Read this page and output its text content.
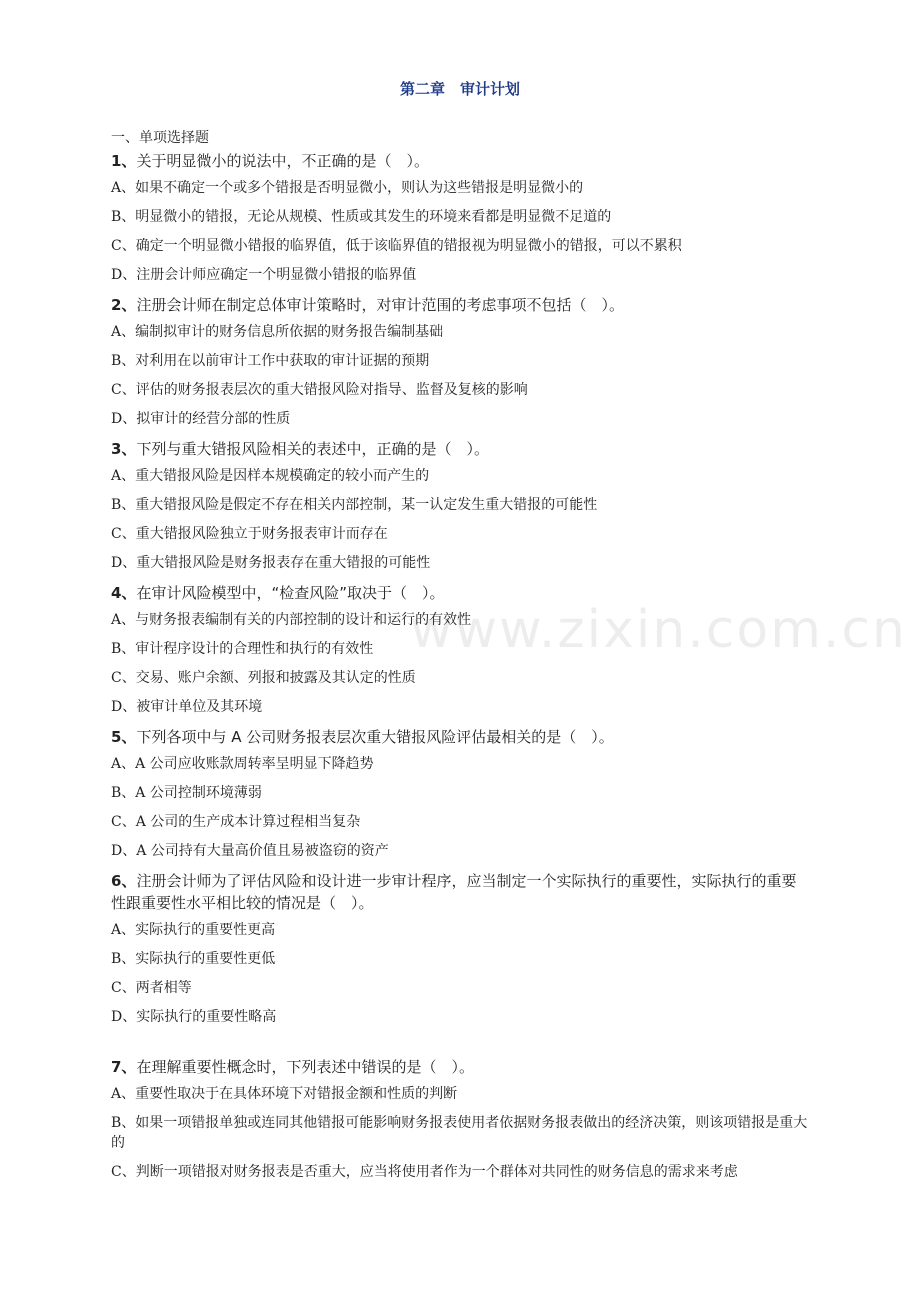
www.zixin.com.cn
第二章　审计计划
一、单项选择题
1、关于明显微小的说法中，不正确的是（　）。
A、如果不确定一个或多个错报是否明显微小，则认为这些错报是明显微小的
B、明显微小的错报，无论从规模、性质或其发生的环境来看都是明显微不足道的
C、确定一个明显微小错报的临界值，低于该临界值的错报视为明显微小的错报，可以不累积
D、注册会计师应确定一个明显微小错报的临界值
2、注册会计师在制定总体审计策略时，对审计范围的考虑事项不包括（　）。
A、编制拟审计的财务信息所依据的财务报告编制基础
B、对利用在以前审计工作中获取的审计证据的预期
C、评估的财务报表层次的重大错报风险对指导、监督及复核的影响
D、拟审计的经营分部的性质
3、下列与重大错报风险相关的表述中，正确的是（　）。
A、重大错报风险是因样本规模确定的较小而产生的
B、重大错报风险是假定不存在相关内部控制，某一认定发生重大错报的可能性
C、重大错报风险独立于财务报表审计而存在
D、重大错报风险是财务报表存在重大错报的可能性
4、在审计风险模型中，“检查风险”取决于（　）。
A、与财务报表编制有关的内部控制的设计和运行的有效性
B、审计程序设计的合理性和执行的有效性
C、交易、账户余额、列报和披露及其认定的性质
D、被审计单位及其环境
5、下列各项中与 A 公司财务报表层次重大错报风险评估最相关的是（　）。
A、A 公司应收账款周转率呈明显下降趋势
B、A 公司控制环境薄弱
C、A 公司的生产成本计算过程相当复杂
D、A 公司持有大量高价值且易被盗窃的资产
6、注册会计师为了评估风险和设计进一步审计程序，应当制定一个实际执行的重要性，实际执行的重要性跟重要性水平相比较的情况是（　）。
A、实际执行的重要性更高
B、实际执行的重要性更低
C、两者相等
D、实际执行的重要性略高
7、在理解重要性概念时，下列表述中错误的是（　）。
A、重要性取决于在具体环境下对错报金额和性质的判断
B、如果一项错报单独或连同其他错报可能影响财务报表使用者依据财务报表做出的经济决策，则该项错报是重大的
C、判断一项错报对财务报表是否重大，应当将使用者作为一个群体对共同性的财务信息的需求来考虑
